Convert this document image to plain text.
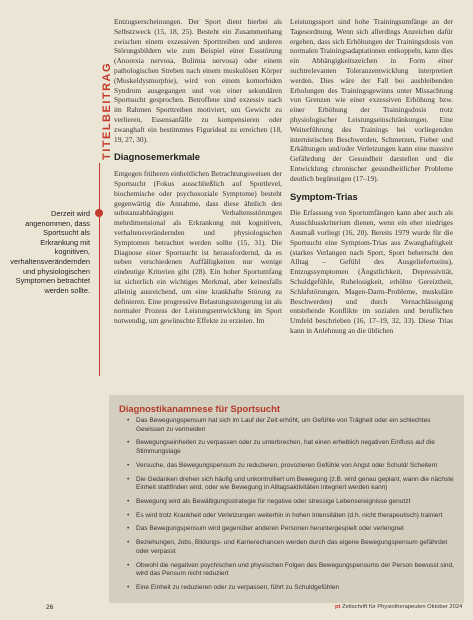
TITELBEITRAG
Derzeit wird angenommen, dass Sportsucht als Erkrankung mit kognitiven, verhaltensverändernden und physiologischen Symptomen betrachtet werden sollte.

Entzugserscheinungen. Der Sport dient hierbei als Selbstzweck (15, 18, 25). Besteht ein Zusammenhang zwischen einem exzessiven Sporttreiben und anderen Störungsbildern wie zum Beispiel einer Essstörung (Anorexia nervosa, Bulimia nervosa) oder einem pathologischen Streben nach einem muskulösen Körper (Muskeldysmorphie), wird von einem komorbiden Syndrom ausgegangen und von einer sekundären Sportsucht gesprochen. Betroffene sind exzessiv nach im Rahmen Sporttreiben motiviert, um Gewicht zu verlieren, Essensanfälle zu kompensieren oder zwanghaft ein bestimmtes Figurideal zu erreichen (18, 19, 27, 30).

Diagnosemerkmale

Entgegen früheren einheitlichen Betrachtungsweisen der Sportsucht (Fokus ausschließlich auf Sportlevel, biochemische oder psychosoziale Symptome) besteht gegenwärtig die Annahme, dass diese ähnlich den substanzabhängigen Verhaltensstörungen mehrdimensional als Erkrankung mit kognitiven, verhaltensverändernden und physiologischen Symptomen betrachtet werden sollte (15, 31). Die Diagnose einer Sportsucht ist herausfordernd, da es neben verschiedenen Auffälligkeiten nur wenige eindeutige Kriterien gibt (28). Ein hoher Sportumfang ist sicherlich ein wichtiges Merkmal, aber keinesfalls alleinig ausreichend, um eine krankhafte Störung zu definieren. Eine progressive Belastungssteigerung ist als normaler Prozess der Leistungsentwicklung im Sport notwendig, um gewünschte Effekte zu erzielen. Im

Leistungssport sind hohe Trainingsumfänge an der Tagesordnung. Wenn sich allerdings Anzeichen dafür ergeben, dass sich Erhöhungen der Trainingsdosis von normalen Trainingsadaptationen entkoppeln, kann dies ein Abhängigkeitszeichen in Form einer suchtrelevanten Toleranzentwicklung interpretiert werden. Dies wäre der Fall bei ausbleibenden Erholungen des Trainingsgewinns unter Missachtung von Grenzen wie einer exzessiven Erhöhung bzw. einer Erhöhung der Trainingsdosis trotz physiologischer Leistungseinschränkungen. Eine Weiterführung des Trainings bei vorliegenden internistischen Beschwerden, Schmerzen, Fieber und Erkältungen und/oder Verletzungen kann eine massive Gefährdung der Gesundheit darstellen und die Entwicklung chronischer gesundheitlicher Probleme deutlich begünstigen (17–19).

Symptom-Trias

Die Erfassung von Sportumfängen kann aber auch als Ausschlusskriterium dienen, wenn ein eher niedriges Ausmaß vorliegt (16, 20). Bereits 1979 wurde für die Sportsucht eine Symptom-Trias aus Zwanghaftigkeit (starkes Verlangen nach Sport, Sport beherrscht den Alltag – Gefühl des Ausgeliefertseins), Entzugssymptomen (Ängstlichkeit, Depressivität, Schuldgefühle, Ruhelosigkeit, erhöhte Gereiztheit, Schlafstörungen, Magen-Darm-Probleme, muskuläre Beschwerden) und durch Vernachlässigung entstehende Konflikte im sozialen und beruflichen Umfeld beschrieben (16, 17–19, 32, 33). Diese Trias kann in Anlehnung an die üblichen

Diagnostikanamnese für Sportsucht
• Das Bewegungspensum hat sich im Lauf der Zeit erhöht, um Gefühle von Trägheit oder ein schlechtes Gewissen zu vermeiden
• Bewegungseinheiten zu verpassen oder zu unterbrechen, hat einen erheblich negativen Einfluss auf die Stimmungslage
• Versuche, das Bewegungspensum zu reduzieren, provozieren Gefühle von Angst oder Schuld/ Scheitern
• Die Gedanken drehen sich häufig und unkontrolliert um Bewegung (z.B. wird genau geplant, wann die nächste Einheit stattfinden wird, oder wie Bewegung in Alltagsaktivitäten integriert werden kann)
• Bewegung wird als Bewältigungsstrategie für negative oder stressige Lebensereignisse genutzt
• Es wird trotz Krankheit oder Verletzungen weiterhin in hohen Intensitäten (d.h. nicht therapeutisch) trainiert
• Das Bewegungspensum wird gegenüber anderen Personen heruntergespielt oder verlengnet
• Beziehungen, Jobs, Bildungs- und Karrierechancen werden durch das eigene Bewegungspensum gefährdet oder verpasst
• Obwohl die negativen psychischen und physischen Folgen des Bewegungspensums der Person bewusst sind, wird das Pensum nicht reduziert
• Eine Einheit zu reduzieren oder zu verpassen, führt zu Schuldgefühlen
26	pt Zeitschrift für Physiotherapeuten Oktober 2024
